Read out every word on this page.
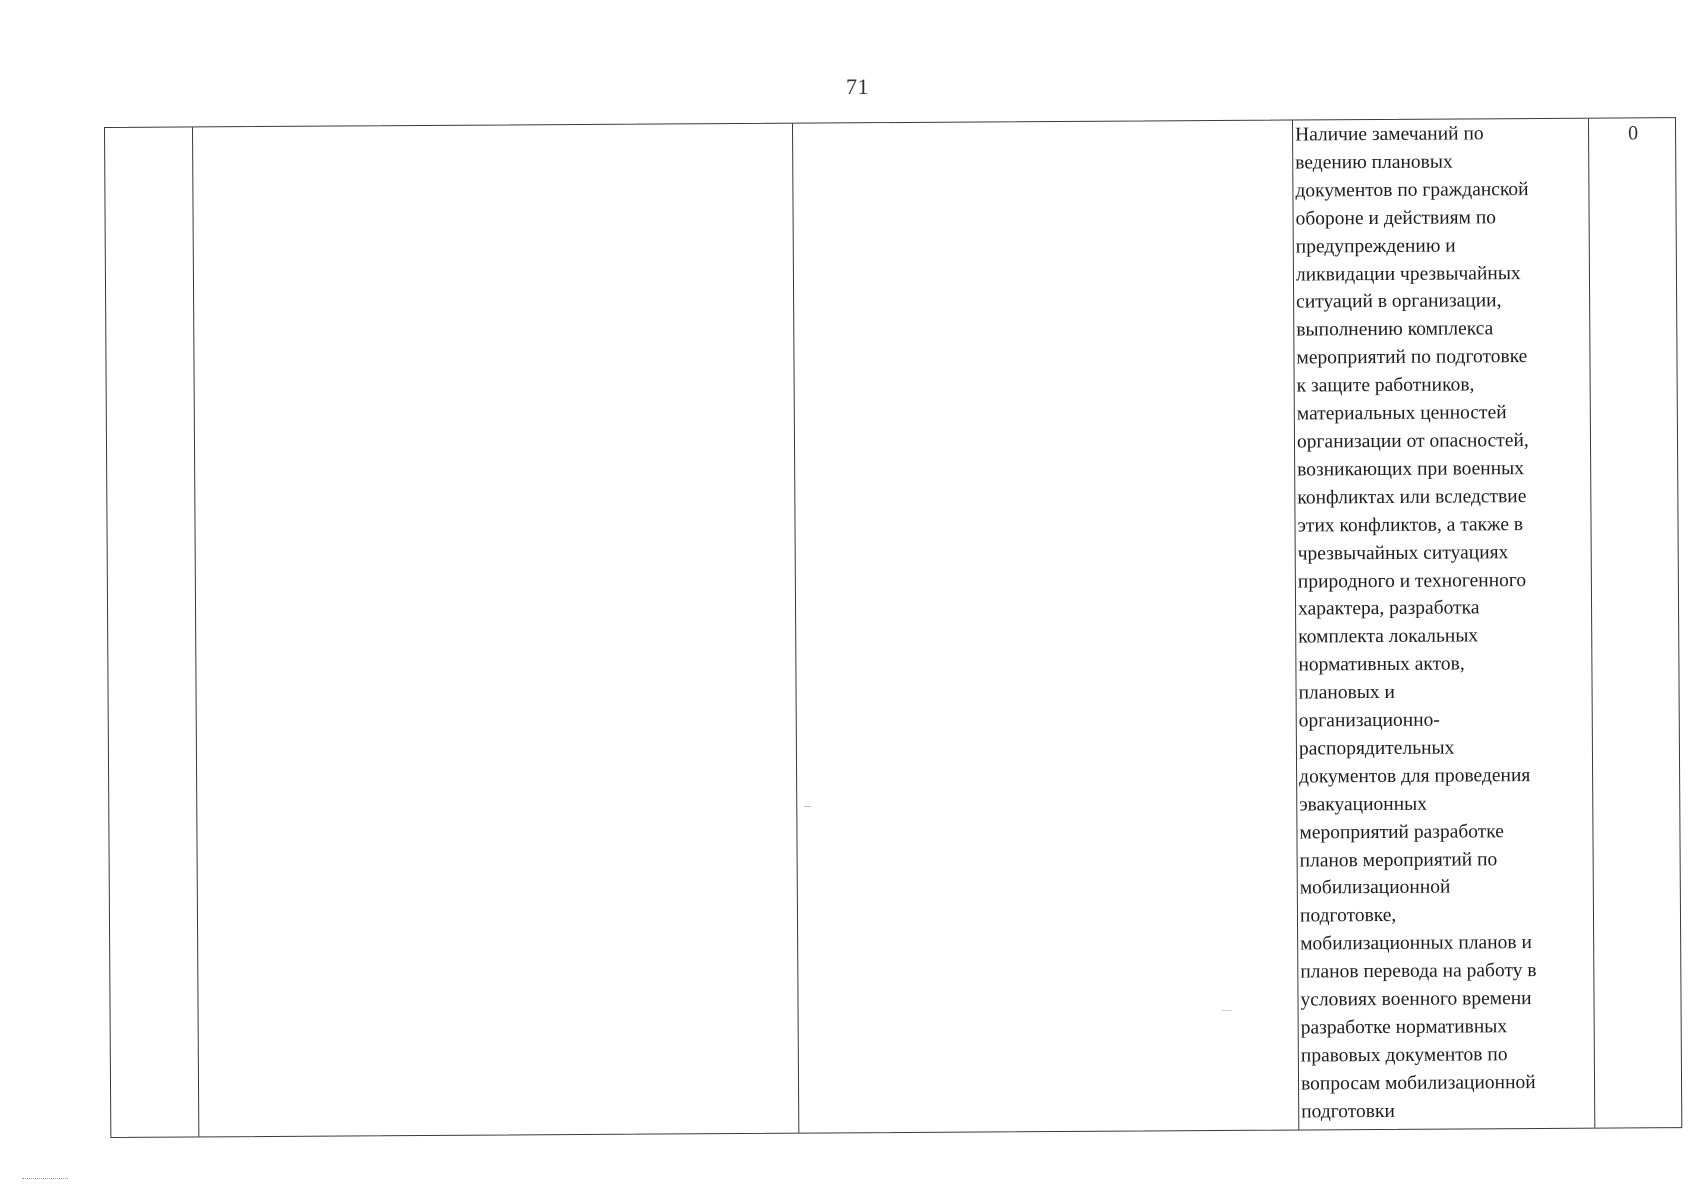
71
Наличие замечаний по
ведению плановых
документов по гражданской
обороне и действиям по
предупреждению и
ликвидации чрезвычайных
ситуаций в организации,
выполнению комплекса
мероприятий по подготовке
к защите работников,
материальных ценностей
организации от опасностей,
возникающих при военных
конфликтах или вследствие
этих конфликтов, а также в
чрезвычайных ситуациях
природного и техногенного
характера, разработка
комплекта локальных
нормативных актов,
плановых и
организационно-
распорядительных
документов для проведения
эвакуационных
мероприятий разработке
планов мероприятий по
мобилизационной
подготовке,
мобилизационных планов и
планов перевода на работу в
условиях военного времени
разработке нормативных
правовых документов по
вопросам мобилизационной
подготовки
0
